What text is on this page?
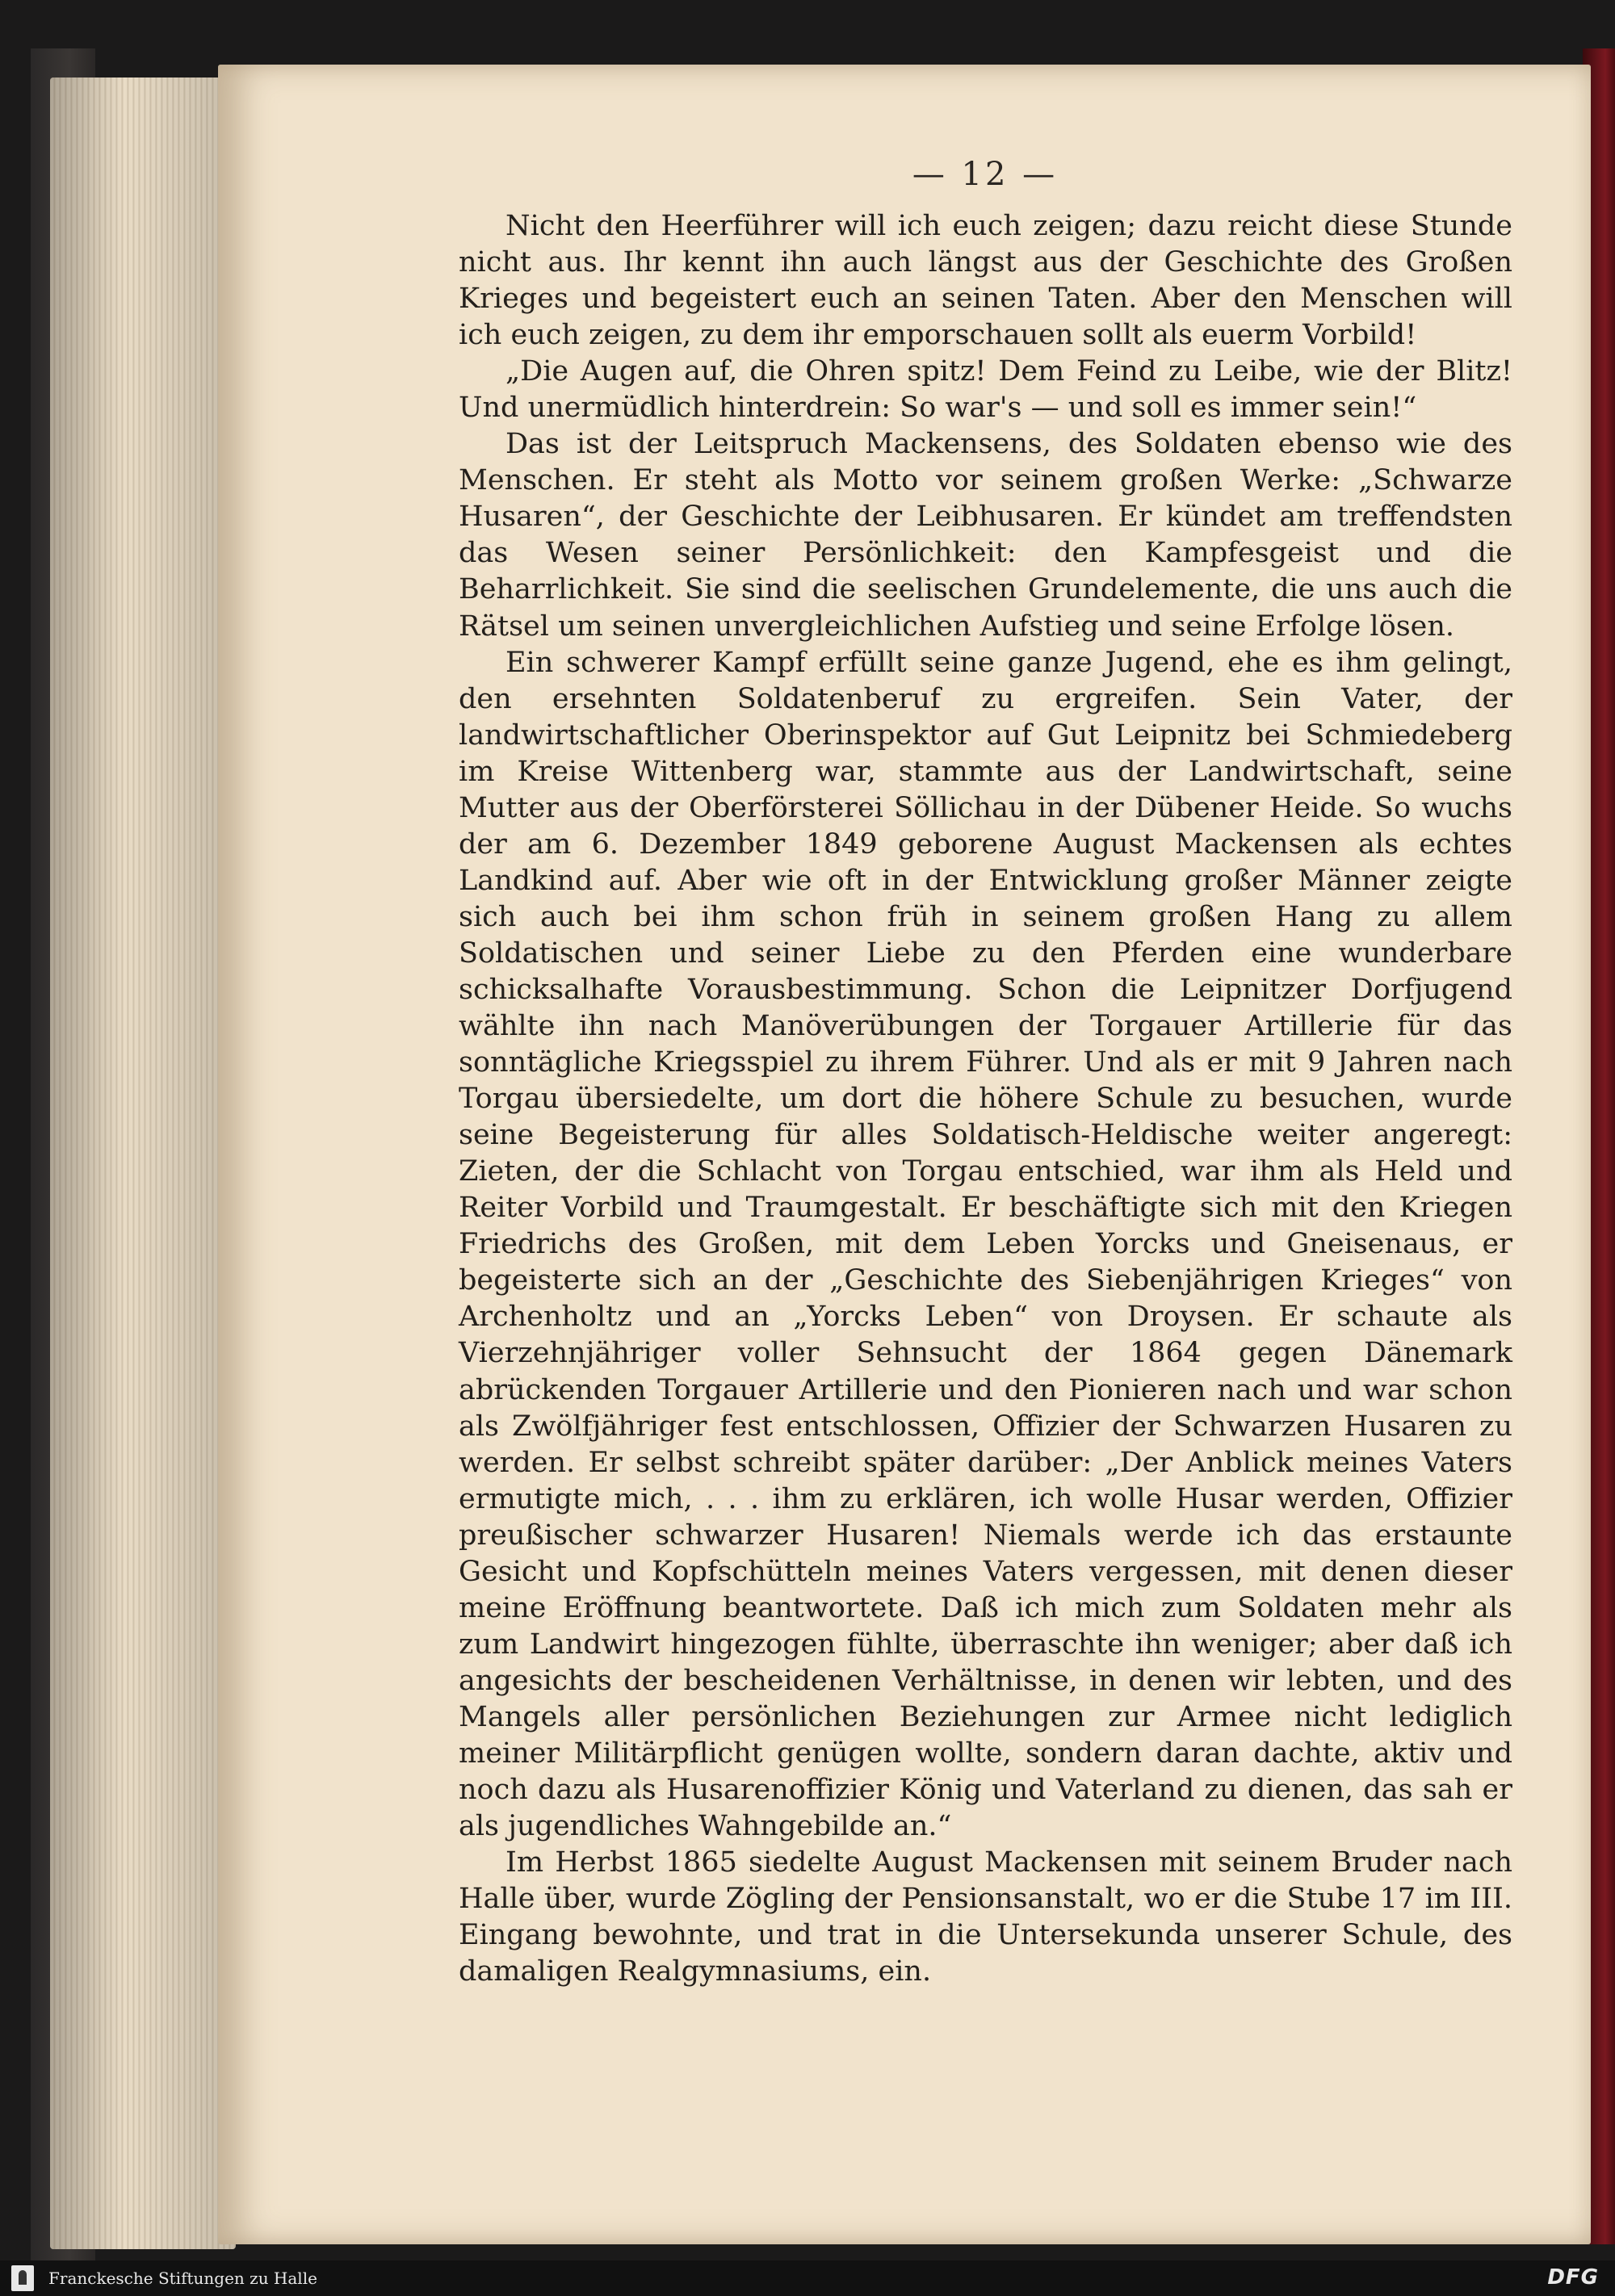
— 12 —

Nicht den Heerführer will ich euch zeigen; dazu reicht diese Stunde nicht aus. Ihr kennt ihn auch längst aus der Geschichte des Großen Krieges und begeistert euch an seinen Taten. Aber den Menschen will ich euch zeigen, zu dem ihr emporschauen sollt als euerm Vorbild!

„Die Augen auf, die Ohren spitz! Dem Feind zu Leibe, wie der Blitz! Und unermüdlich hinterdrein: So war's — und soll es immer sein!“

Das ist der Leitspruch Mackensens, des Soldaten ebenso wie des Menschen. Er steht als Motto vor seinem großen Werke: „Schwarze Husaren“, der Geschichte der Leibhusaren. Er kündet am treffendsten das Wesen seiner Persönlichkeit: den Kampfesgeist und die Beharrlichkeit. Sie sind die seelischen Grundelemente, die uns auch die Rätsel um seinen unvergleichlichen Aufstieg und seine Erfolge lösen.

Ein schwerer Kampf erfüllt seine ganze Jugend, ehe es ihm gelingt, den ersehnten Soldatenberuf zu ergreifen. Sein Vater, der landwirtschaftlicher Oberinspektor auf Gut Leipnitz bei Schmiedeberg im Kreise Wittenberg war, stammte aus der Landwirtschaft, seine Mutter aus der Oberförsterei Söllichau in der Dübener Heide. So wuchs der am 6. Dezember 1849 geborene August Mackensen als echtes Landkind auf. Aber wie oft in der Entwicklung großer Männer zeigte sich auch bei ihm schon früh in seinem großen Hang zu allem Soldatischen und seiner Liebe zu den Pferden eine wunderbare schicksalhafte Vorausbestimmung. Schon die Leipnitzer Dorfjugend wählte ihn nach Manöverübungen der Torgauer Artillerie für das sonntägliche Kriegsspiel zu ihrem Führer. Und als er mit 9 Jahren nach Torgau übersiedelte, um dort die höhere Schule zu besuchen, wurde seine Begeisterung für alles Soldatisch-Heldische weiter angeregt: Zieten, der die Schlacht von Torgau entschied, war ihm als Held und Reiter Vorbild und Traumgestalt. Er beschäftigte sich mit den Kriegen Friedrichs des Großen, mit dem Leben Yorcks und Gneisenaus, er begeisterte sich an der „Geschichte des Siebenjährigen Krieges“ von Archenholtz und an „Yorcks Leben“ von Droysen. Er schaute als Vierzehnjähriger voller Sehnsucht der 1864 gegen Dänemark abrückenden Torgauer Artillerie und den Pionieren nach und war schon als Zwölfjähriger fest entschlossen, Offizier der Schwarzen Husaren zu werden. Er selbst schreibt später darüber: „Der Anblick meines Vaters ermutigte mich, . . . ihm zu erklären, ich wolle Husar werden, Offizier preußischer schwarzer Husaren! Niemals werde ich das erstaunte Gesicht und Kopfschütteln meines Vaters vergessen, mit denen dieser meine Eröffnung beantwortete. Daß ich mich zum Soldaten mehr als zum Landwirt hingezogen fühlte, überraschte ihn weniger; aber daß ich angesichts der bescheidenen Verhältnisse, in denen wir lebten, und des Mangels aller persönlichen Beziehungen zur Armee nicht lediglich meiner Militärpflicht genügen wollte, sondern daran dachte, aktiv und noch dazu als Husarenoffizier König und Vaterland zu dienen, das sah er als jugendliches Wahngebilde an.“

Im Herbst 1865 siedelte August Mackensen mit seinem Bruder nach Halle über, wurde Zögling der Pensionsanstalt, wo er die Stube 17 im III. Eingang bewohnte, und trat in die Untersekunda unserer Schule, des damaligen Realgymnasiums, ein.

Franckesche Stiftungen zu Halle	DFG
